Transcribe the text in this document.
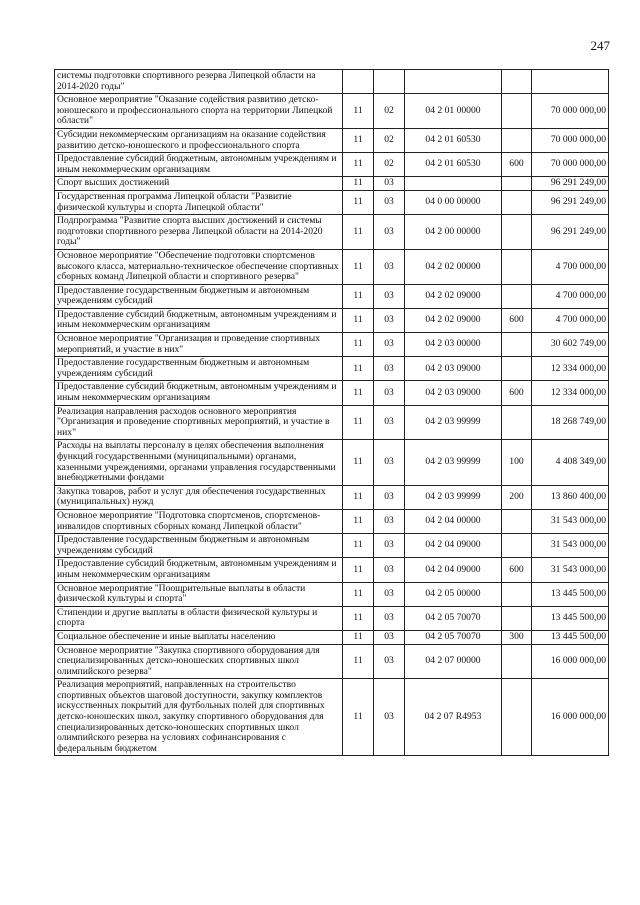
247
системы подготовки спортивного резерва Липецкой области на 2014-2020 годы"					
Основное мероприятие "Оказание содействия развитию детско-юношеского и профессионального спорта на территории Липецкой области"	11	02	04 2 01 00000		70 000 000,00
Субсидии некоммерческим организациям на оказание содействия развитию детско-юношеского и профессионального спорта	11	02	04 2 01 60530		70 000 000,00
Предоставление субсидий бюджетным, автономным учреждениям и иным некоммерческим организациям	11	02	04 2 01 60530	600	70 000 000,00
Спорт высших достижений	11	03			96 291 249,00
Государственная программа Липецкой области "Развитие физической культуры и спорта Липецкой области"	11	03	04 0 00 00000		96 291 249,00
Подпрограмма "Развитие спорта высших достижений и системы подготовки спортивного резерва Липецкой области на 2014-2020 годы"	11	03	04 2 00 00000		96 291 249,00
Основное мероприятие "Обеспечение подготовки спортсменов высокого класса, материально-техническое обеспечение спортивных сборных команд Липецкой области и спортивного резерва"	11	03	04 2 02 00000		4 700 000,00
Предоставление государственным бюджетным и автономным учреждениям субсидий	11	03	04 2 02 09000		4 700 000,00
Предоставление субсидий бюджетным, автономным учреждениям и иным некоммерческим организациям	11	03	04 2 02 09000	600	4 700 000,00
Основное мероприятие "Организация и проведение спортивных мероприятий, и участие в них"	11	03	04 2 03 00000		30 602 749,00
Предоставление государственным бюджетным и автономным учреждениям субсидий	11	03	04 2 03 09000		12 334 000,00
Предоставление субсидий бюджетным, автономным учреждениям и иным некоммерческим организациям	11	03	04 2 03 09000	600	12 334 000,00
Реализация направления расходов основного мероприятия "Организация и проведение спортивных мероприятий, и участие в них"	11	03	04 2 03 99999		18 268 749,00
Расходы на выплаты персоналу в целях обеспечения выполнения функций государственными (муниципальными) органами, казенными учреждениями, органами управления государственными внебюджетными фондами	11	03	04 2 03 99999	100	4 408 349,00
Закупка товаров, работ и услуг для обеспечения государственных (муниципальных) нужд	11	03	04 2 03 99999	200	13 860 400,00
Основное мероприятие "Подготовка спортсменов, спортсменов-инвалидов спортивных сборных команд Липецкой области"	11	03	04 2 04 00000		31 543 000,00
Предоставление государственным бюджетным и автономным учреждениям субсидий	11	03	04 2 04 09000		31 543 000,00
Предоставление субсидий бюджетным, автономным учреждениям и иным некоммерческим организациям	11	03	04 2 04 09000	600	31 543 000,00
Основное мероприятие "Поощрительные выплаты в области физической культуры и спорта"	11	03	04 2 05 00000		13 445 500,00
Стипендии и другие выплаты в области физической культуры и спорта	11	03	04 2 05 70070		13 445 500,00
Социальное обеспечение и иные выплаты населению	11	03	04 2 05 70070	300	13 445 500,00
Основное мероприятие "Закупка спортивного оборудования для специализированных детско-юношеских спортивных школ олимпийского резерва"	11	03	04 2 07 00000		16 000 000,00
Реализация мероприятий, направленных на строительство спортивных объектов шаговой доступности, закупку комплектов искусственных покрытий для футбольных полей для спортивных детско-юношеских школ, закупку спортивного оборудования для специализированных детско-юношеских спортивных школ олимпийского резерва на условиях софинансирования с федеральным бюджетом	11	03	04 2 07 R4953		16 000 000,00
